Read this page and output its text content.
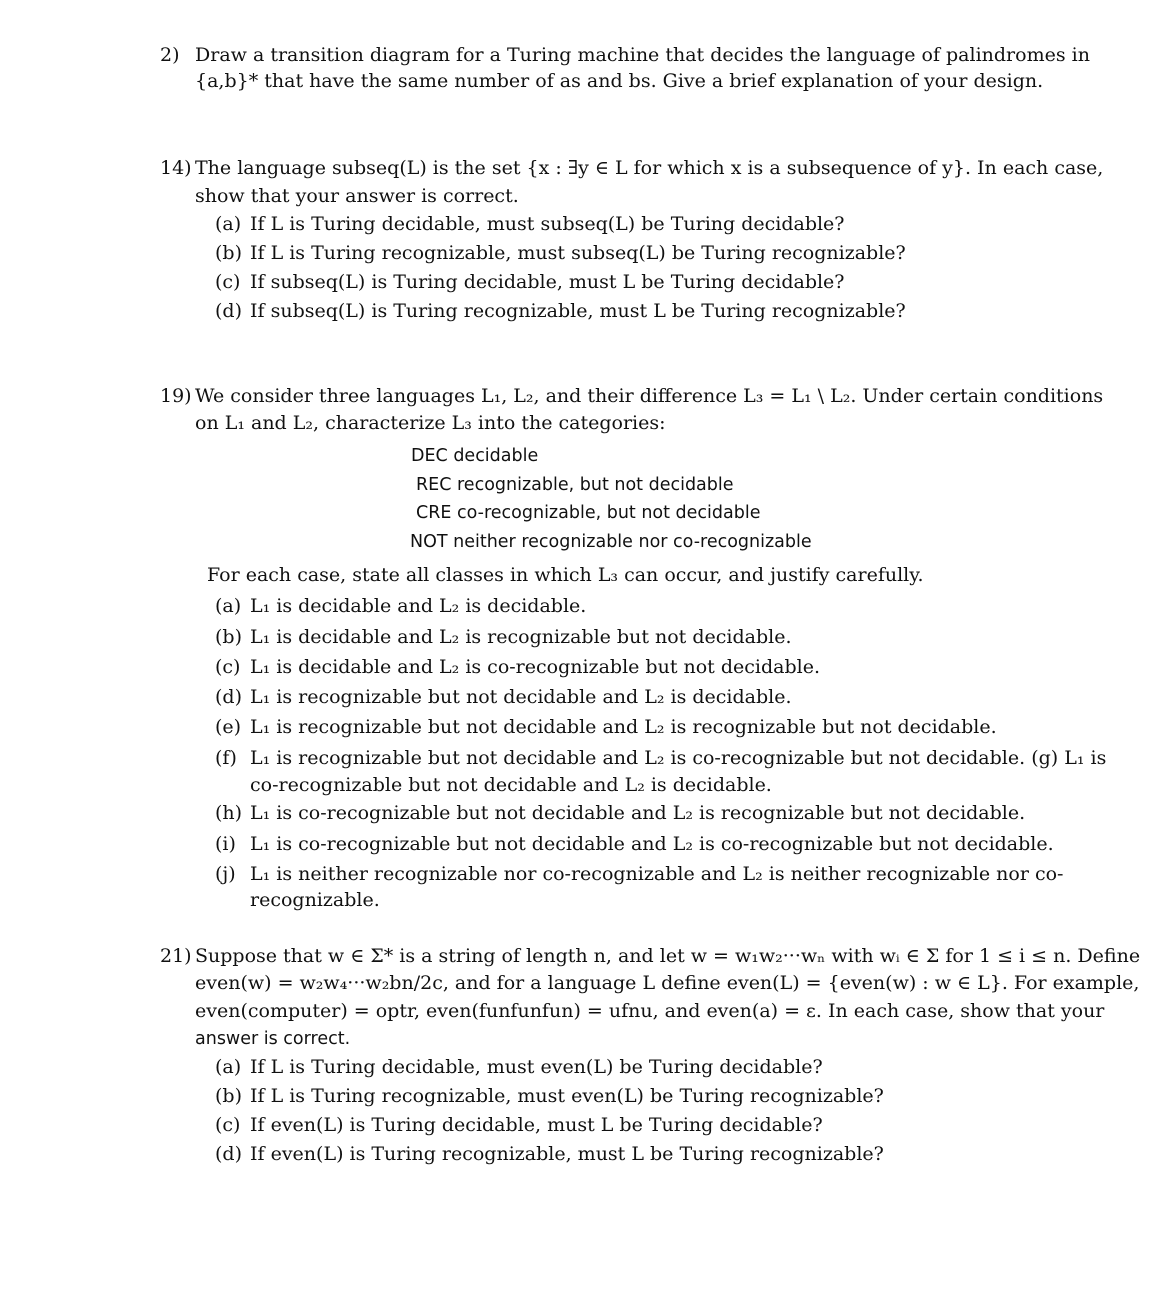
2) Draw a transition diagram for a Turing machine that decides the language of palindromes in
{a,b}* that have the same number of as and bs. Give a brief explanation of your design.
14) The language subseq(L) is the set {x : ∃y ∈ L for which x is a subsequence of y}. In each case,
show that your answer is correct.
(a) If L is Turing decidable, must subseq(L) be Turing decidable?
(b) If L is Turing recognizable, must subseq(L) be Turing recognizable?
(c) If subseq(L) is Turing decidable, must L be Turing decidable?
(d) If subseq(L) is Turing recognizable, must L be Turing recognizable?
19) We consider three languages L₁, L₂, and their difference L₃ = L₁ \ L₂. Under certain conditions
on L₁ and L₂, characterize L₃ into the categories:
DEC decidable
REC recognizable, but not decidable
CRE co-recognizable, but not decidable
NOT neither recognizable nor co-recognizable
For each case, state all classes in which L₃ can occur, and justify carefully.
(a) L₁ is decidable and L₂ is decidable.
(b) L₁ is decidable and L₂ is recognizable but not decidable.
(c) L₁ is decidable and L₂ is co-recognizable but not decidable.
(d) L₁ is recognizable but not decidable and L₂ is decidable.
(e) L₁ is recognizable but not decidable and L₂ is recognizable but not decidable.
(f) L₁ is recognizable but not decidable and L₂ is co-recognizable but not decidable. (g) L₁ is
co-recognizable but not decidable and L₂ is decidable.
(h) L₁ is co-recognizable but not decidable and L₂ is recognizable but not decidable.
(i) L₁ is co-recognizable but not decidable and L₂ is co-recognizable but not decidable.
(j) L₁ is neither recognizable nor co-recognizable and L₂ is neither recognizable nor co-
recognizable.
21) Suppose that w ∈ Σ* is a string of length n, and let w = w₁w₂···wₙ with wᵢ ∈ Σ for 1 ≤ i ≤ n. Define
even(w) = w₂w₄···w₂bn/2c, and for a language L define even(L) = {even(w) : w ∈ L}. For example,
even(computer) = optr, even(funfunfun) = ufnu, and even(a) = ε. In each case, show that your
answer is correct.
(a) If L is Turing decidable, must even(L) be Turing decidable?
(b) If L is Turing recognizable, must even(L) be Turing recognizable?
(c) If even(L) is Turing decidable, must L be Turing decidable?
(d) If even(L) is Turing recognizable, must L be Turing recognizable?
